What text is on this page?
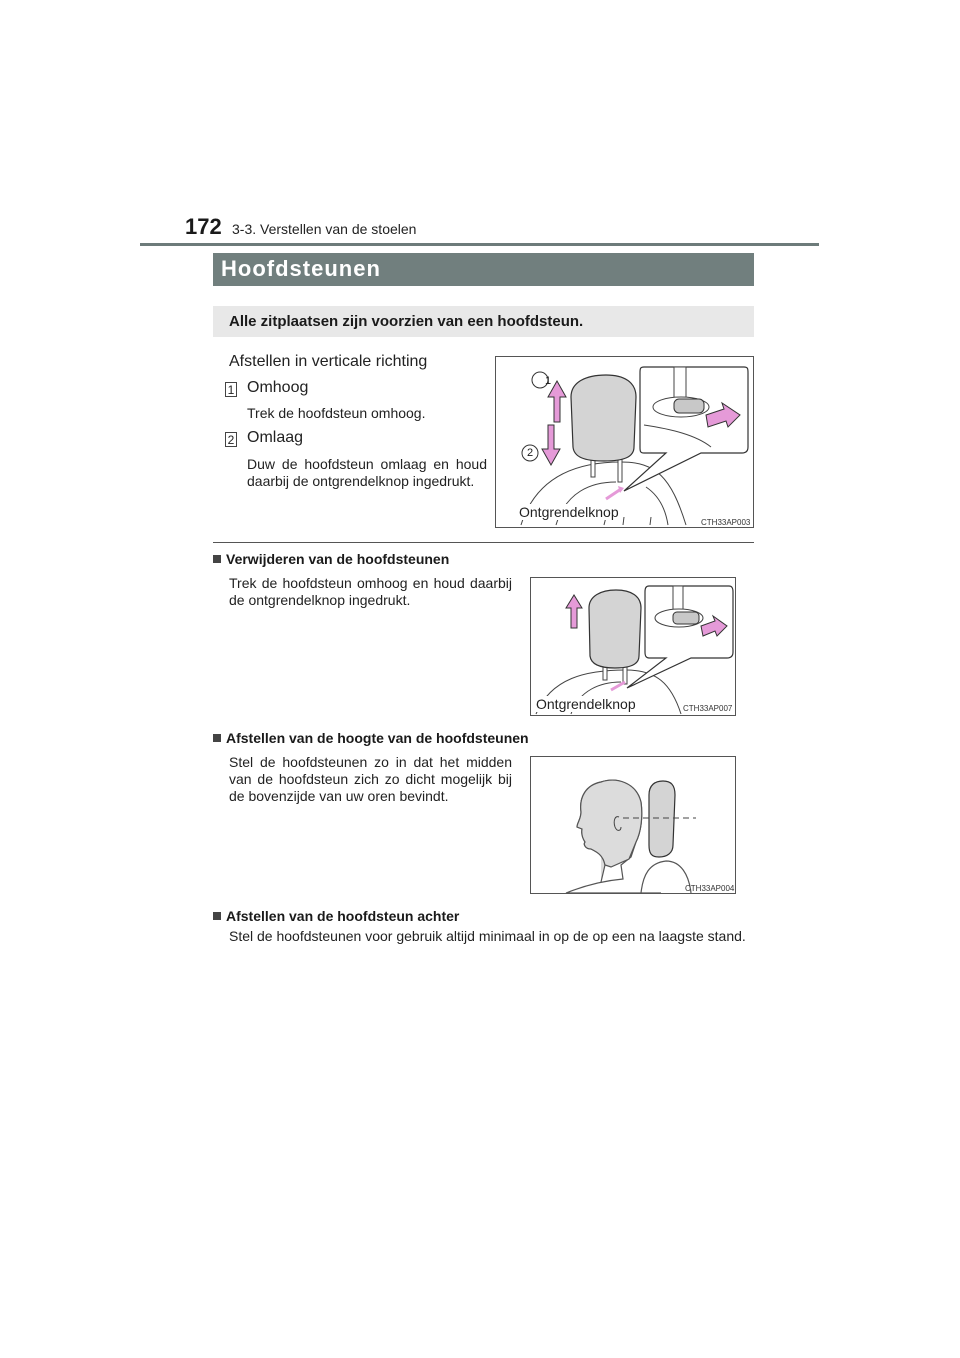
172 3-3. Verstellen van de stoelen
Hoofdsteunen
Alle zitplaatsen zijn voorzien van een hoofdsteun.
Afstellen in verticale richting
1 Omhoog
Trek de hoofdsteun omhoog.
2 Omlaag
Duw de hoofdsteun omlaag en houd daarbij de ontgrendelknop ingedrukt.
1
2
Ontgrendelknop
CTH33AP003
Verwijderen van de hoofdsteunen
Trek de hoofdsteun omhoog en houd daarbij de ontgrendelknop ingedrukt.
Ontgrendelknop	CTH33AP007
Afstellen van de hoogte van de hoofdsteunen
Stel de hoofdsteunen zo in dat het midden van de hoofdsteun zich zo dicht mogelijk bij de bovenzijde van uw oren bevindt.
CTH33AP004
Afstellen van de hoofdsteun achter
Stel de hoofdsteunen voor gebruik altijd minimaal in op de op een na laagste stand.
